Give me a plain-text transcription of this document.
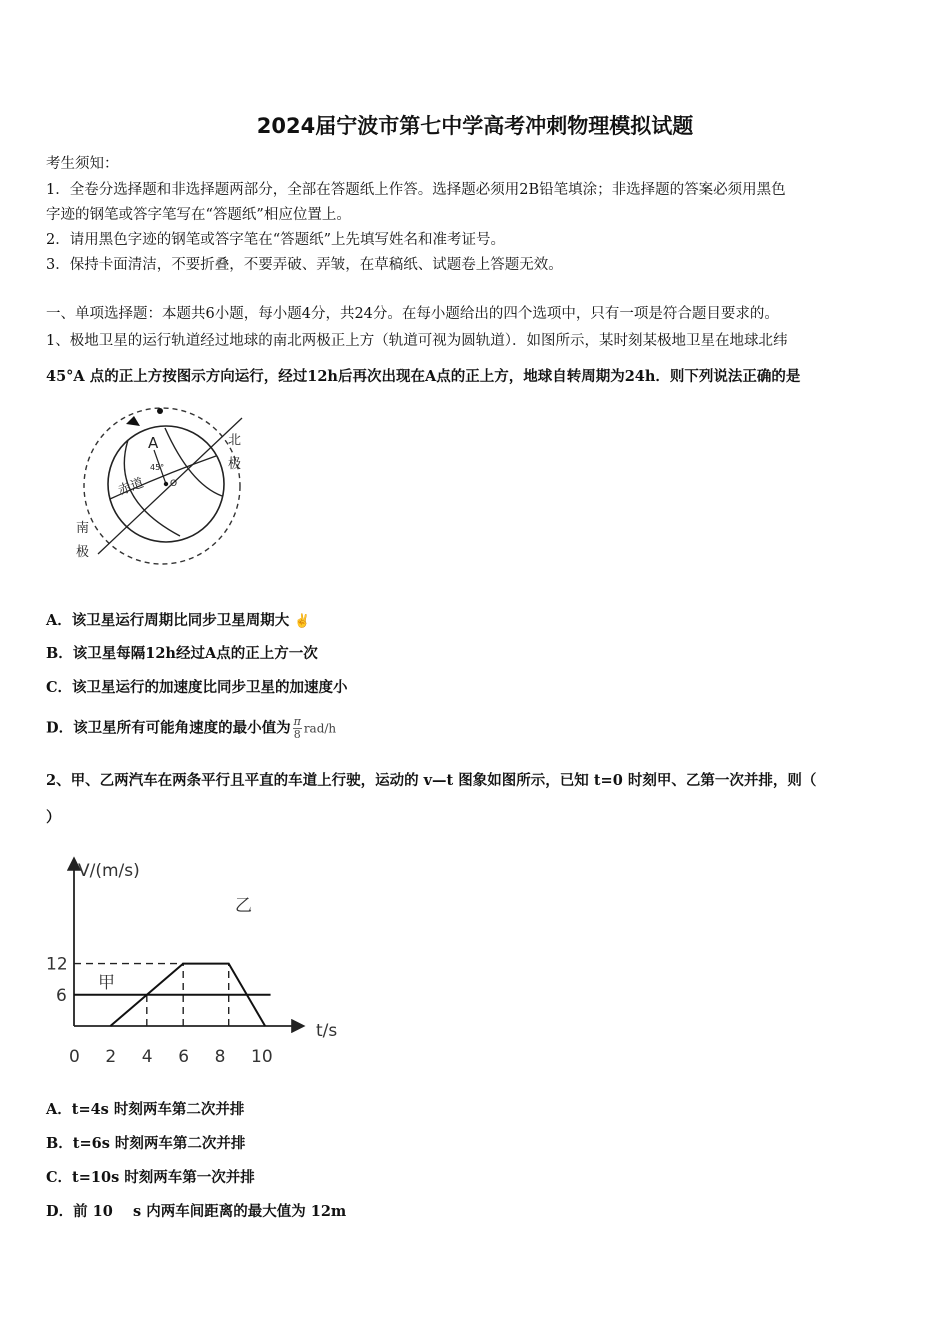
2024届宁波市第七中学高考冲刺物理模拟试题
考生须知：
1．全卷分选择题和非选择题两部分，全部在答题纸上作答。选择题必须用2B铅笔填涂；非选择题的答案必须用黑色
字迹的钢笔或答字笔写在“答题纸”相应位置上。
2．请用黑色字迹的钢笔或答字笔在“答题纸”上先填写姓名和准考证号。
3．保持卡面清洁，不要折叠，不要弄破、弄皱，在草稿纸、试题卷上答题无效。
一、单项选择题：本题共6小题，每小题4分，共24分。在每小题给出的四个选项中，只有一项是符合题目要求的。
1、极地卫星的运行轨道经过地球的南北两极正上方（轨道可视为圆轨道）．如图所示，某时刻某极地卫星在地球北纬
45°A 点的正上方按图示方向运行，经过12h后再次出现在A点的正上方，地球自转周期为24h．则下列说法正确的是
A
45°
O
赤道
北
极
南
极
A．该卫星运行周期比同步卫星周期大 ✌
B．该卫星每隔12h经过A点的正上方一次
C．该卫星运行的加速度比同步卫星的加速度小
D．该卫星所有可能角速度的最小值为 $\frac{\pi}{8} rad/h$
2、甲、乙两汽车在两条平行且平直的车道上行驶，运动的 v—t 图象如图所示，已知 t=0 时刻甲、乙第一次并排，则（
）
V/(m/s)
t/s
0 2 4 6 8 10
6
12
甲
乙
A．t=4s 时刻两车第二次并排
B．t=6s 时刻两车第二次并排
C．t=10s 时刻两车第一次并排
D．前 10    s 内两车间距离的最大值为 12m
